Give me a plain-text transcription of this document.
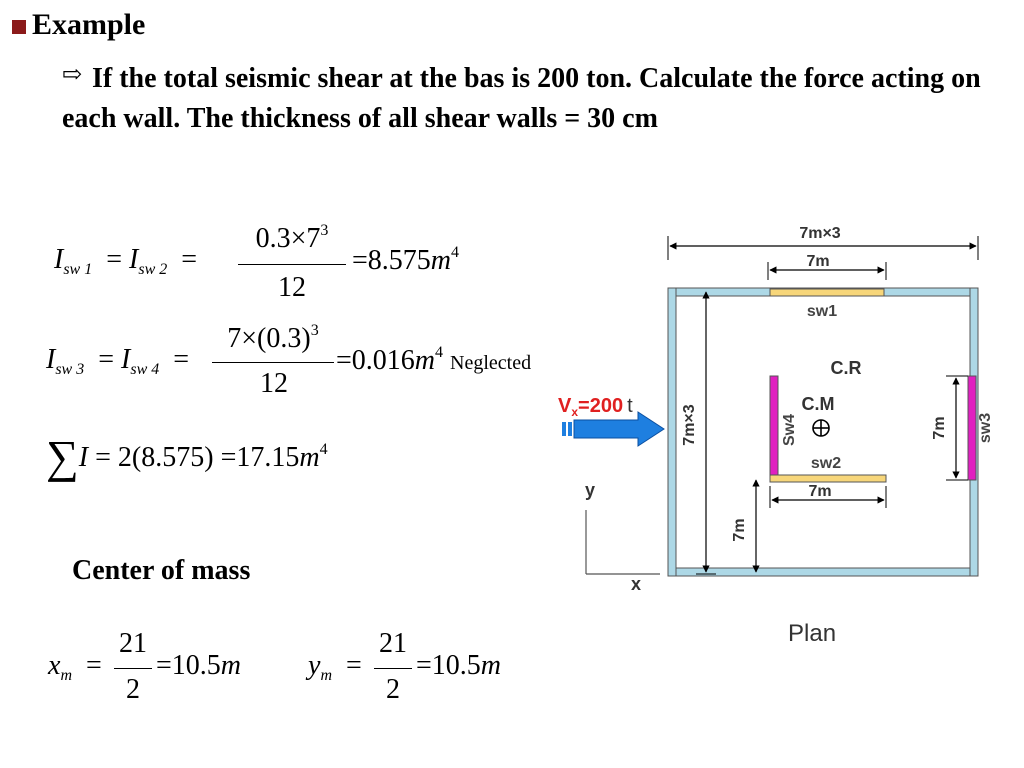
Example
⇨ If the total seismic shear at the bas is 200 ton. Calculate the force acting on each wall. The thickness of all shear walls = 30 cm
$I_{sw 1} = I_{sw 2}$  =
$0.3\times 7^3$
12
$=8.575m^4$
$I_{sw 3} = I_{sw 4}$  =
$7\times(0.3)^3$
12
$=0.016m^4$ Neglected
$\sum I = 2(8.575) =17.15m^4$
Center of mass
$x_m$  =
21
2
=10.5m $y_m$  =
21
2
=10.5m
7m×3
7m
sw1
C.R
$V_x=200$ t	7m×3	Sw4
C.M
sw2
7m
7m
7m sw3
y
x
Plan
